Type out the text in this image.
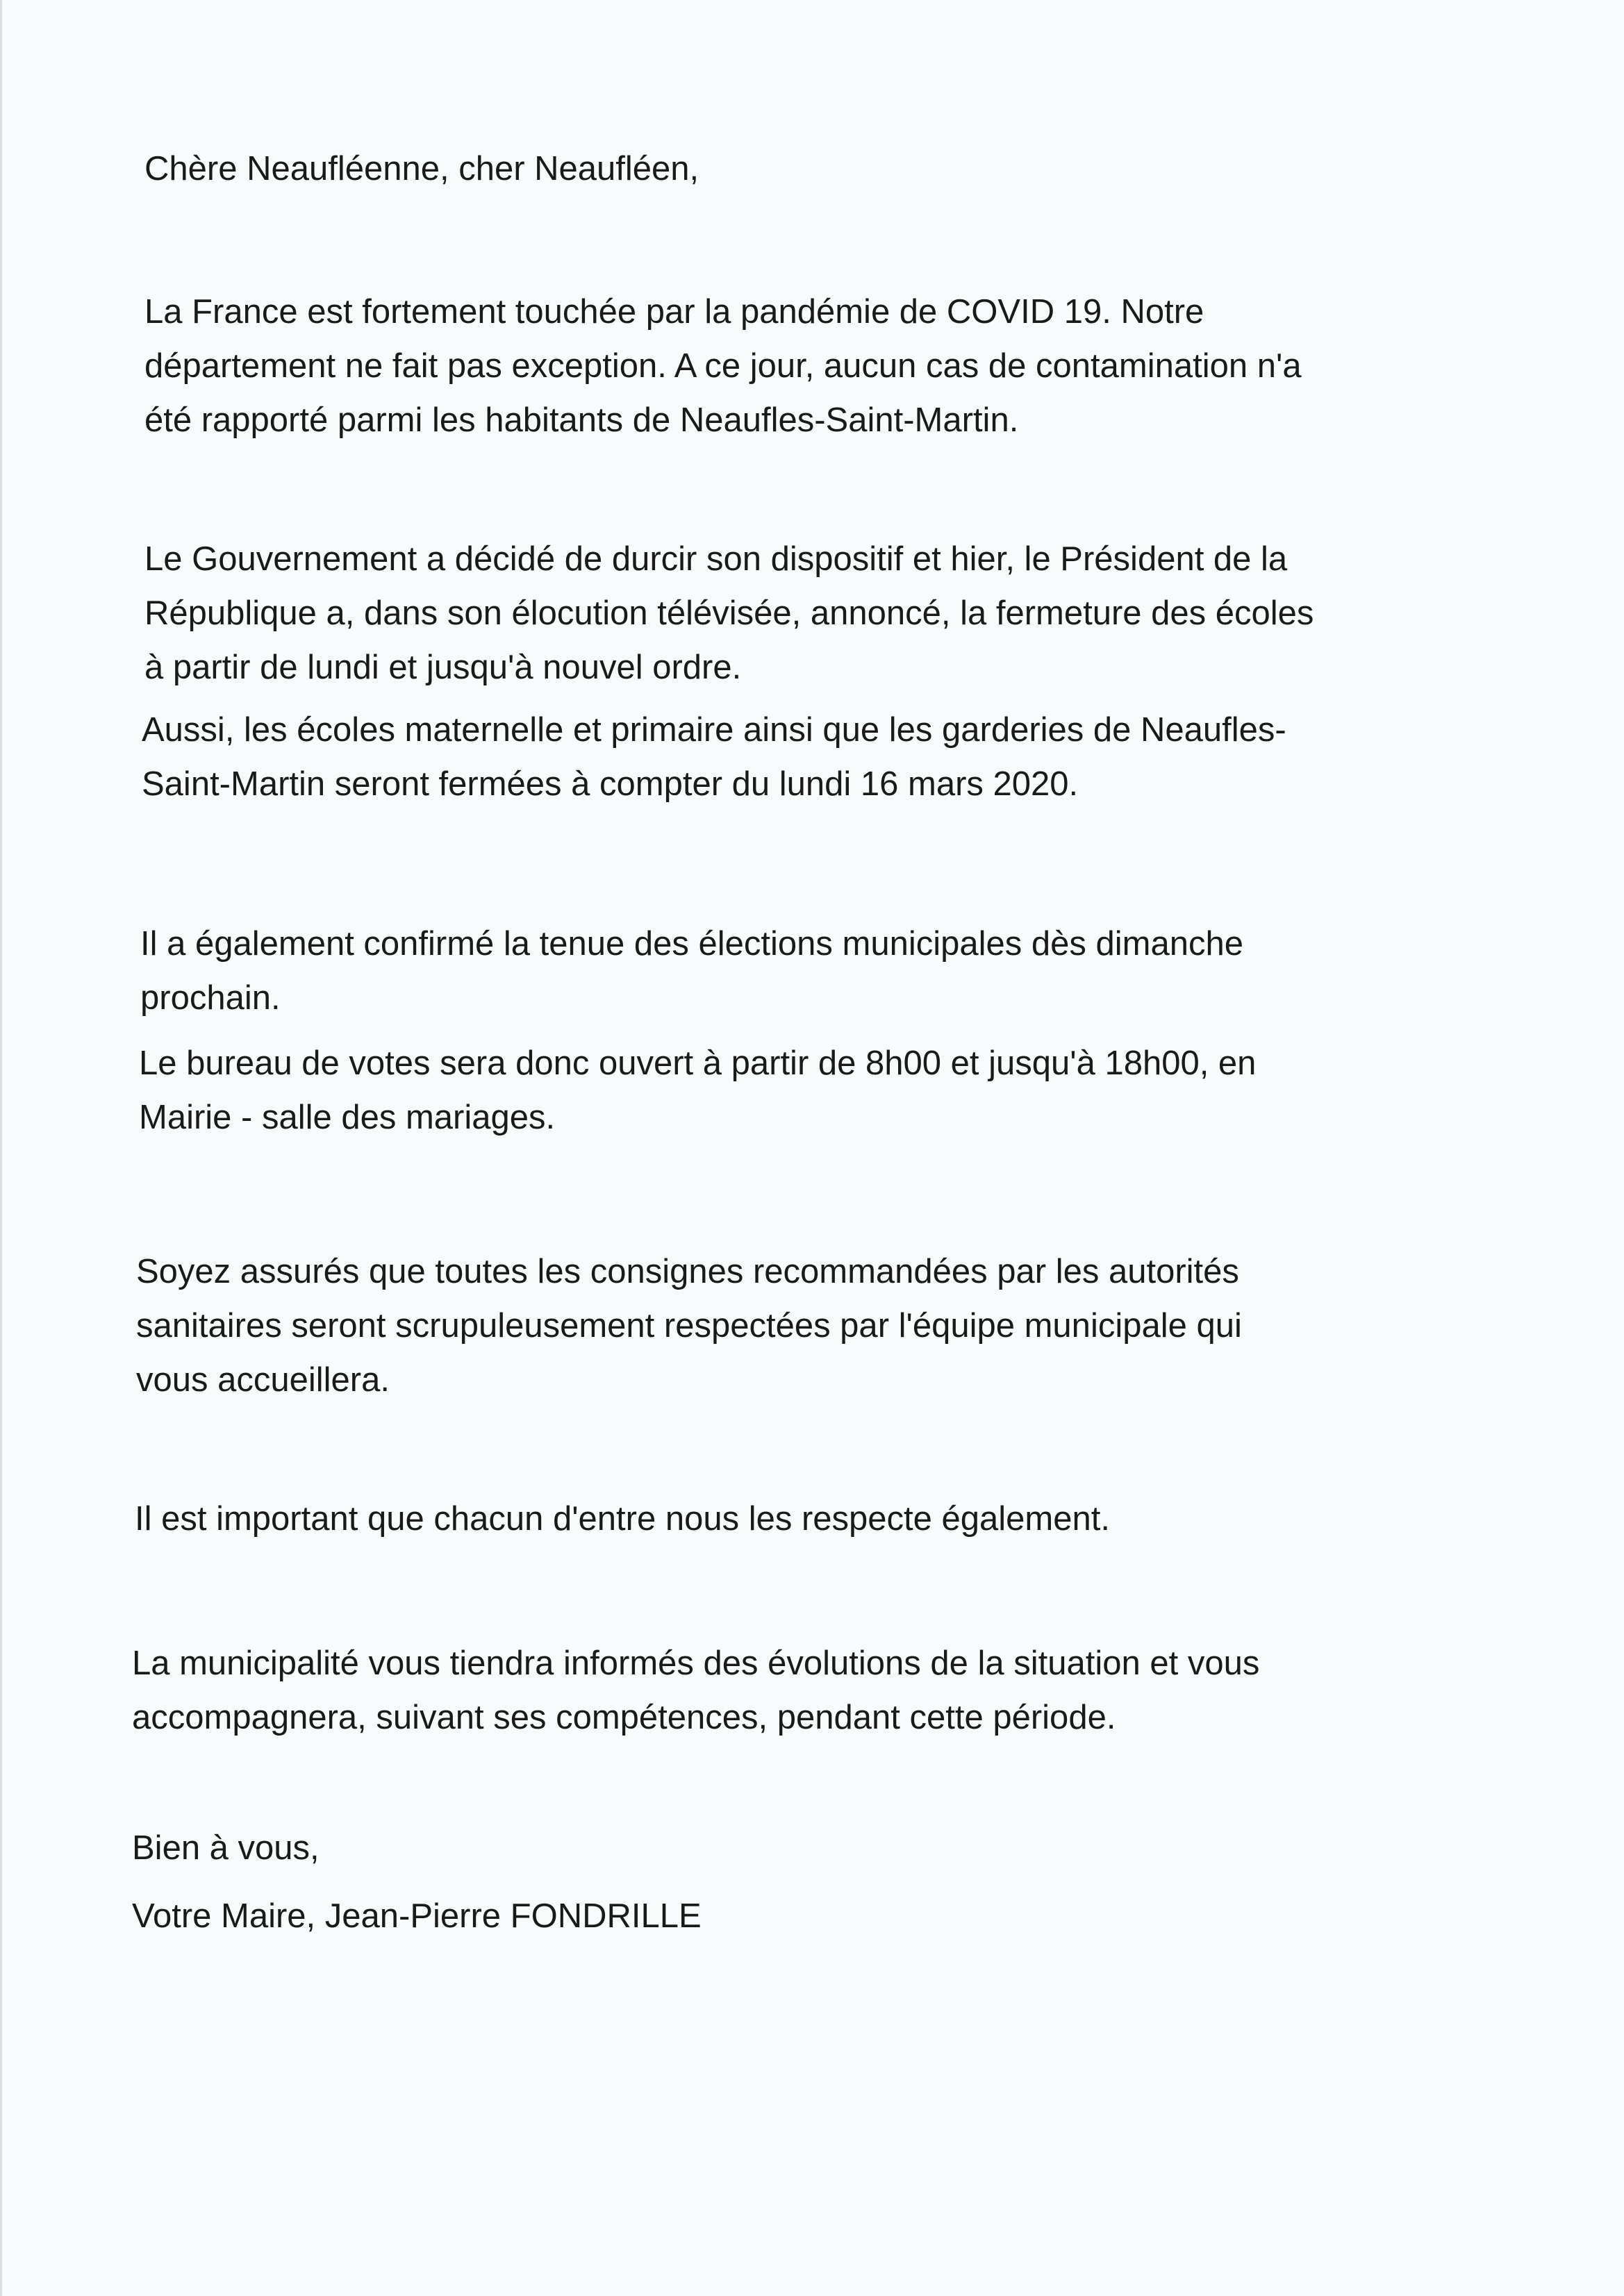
Chère Neaufléenne, cher Neaufléen,

La France est fortement touchée par la pandémie de COVID 19. Notre
département ne fait pas exception. A ce jour, aucun cas de contamination n'a
été rapporté parmi les habitants de Neaufles-Saint-Martin.

Le Gouvernement a décidé de durcir son dispositif et hier, le Président de la
République a, dans son élocution télévisée, annoncé, la fermeture des écoles
à partir de lundi et jusqu'à nouvel ordre.

Aussi, les écoles maternelle et primaire ainsi que les garderies de Neaufles-
Saint-Martin seront fermées à compter du lundi 16 mars 2020.

Il a également confirmé la tenue des élections municipales dès dimanche
prochain.

Le bureau de votes sera donc ouvert à partir de 8h00 et jusqu'à 18h00, en
Mairie - salle des mariages.

Soyez assurés que toutes les consignes recommandées par les autorités
sanitaires seront scrupuleusement respectées par l'équipe municipale qui
vous accueillera.

Il est important que chacun d'entre nous les respecte également.

La municipalité vous tiendra informés des évolutions de la situation et vous
accompagnera, suivant ses compétences, pendant cette période.

Bien à vous,

Votre Maire, Jean-Pierre FONDRILLE
